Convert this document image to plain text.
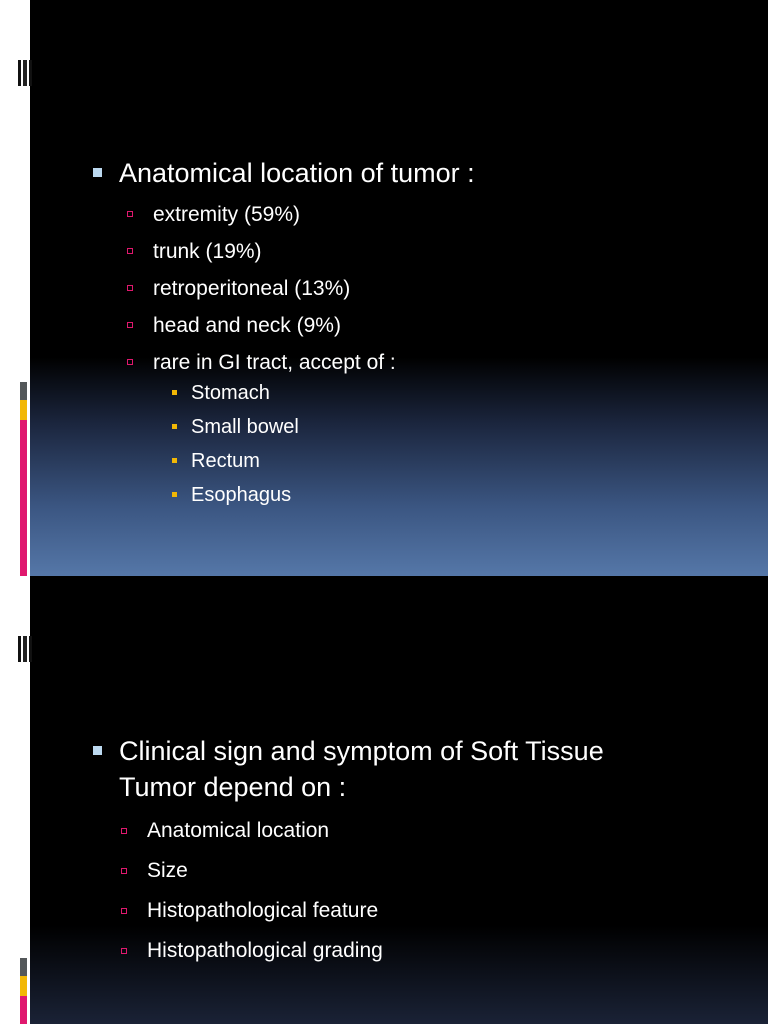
Anatomical location of tumor :
extremity (59%)
trunk (19%)
retroperitoneal (13%)
head and neck (9%)
rare in GI tract, accept of :
Stomach
Small bowel
Rectum
Esophagus
Clinical sign and symptom of Soft Tissue
Tumor depend on :
Anatomical location
Size
Histopathological feature
Histopathological grading
